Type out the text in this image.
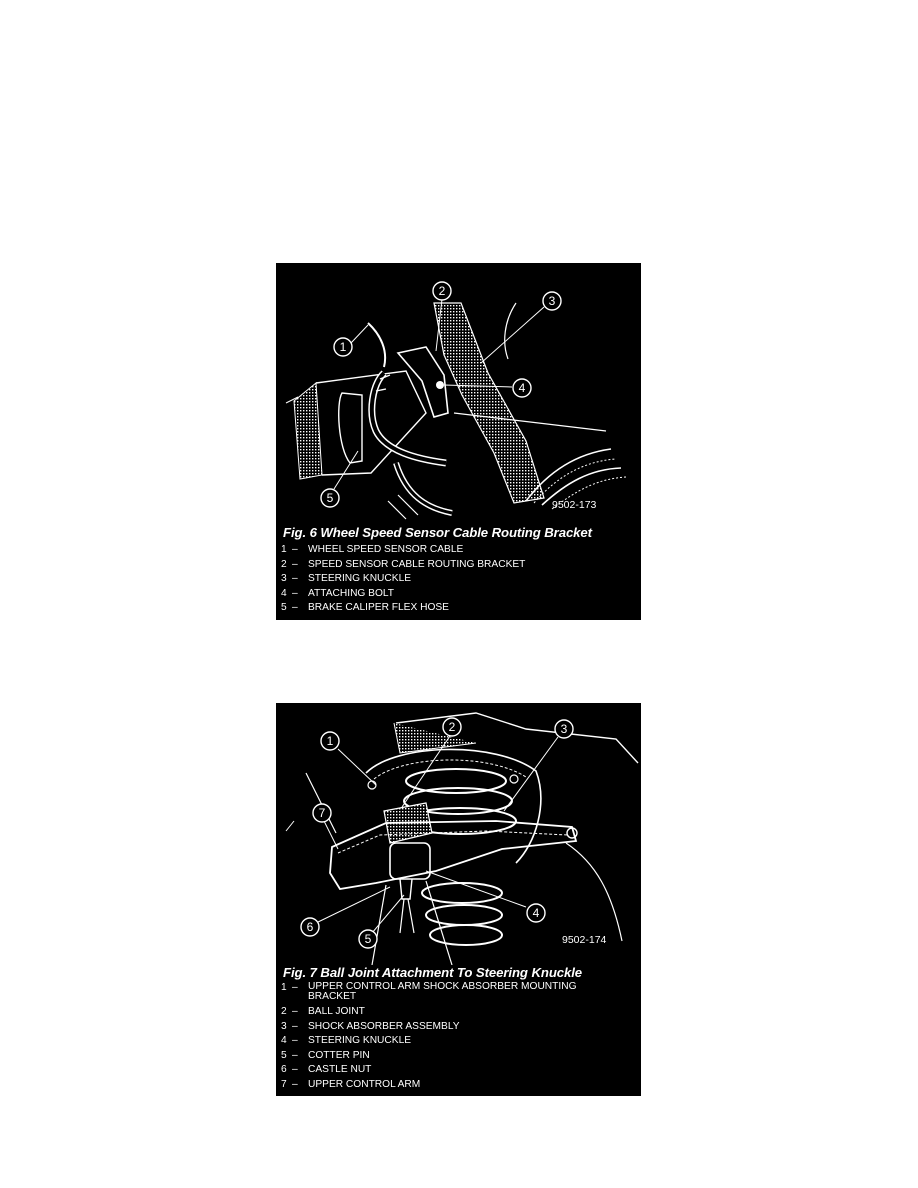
1
2
3
4
5	9502-173
Fig. 6 Wheel Speed Sensor Cable Routing Bracket
1 –	WHEEL SPEED SENSOR CABLE
2 –	SPEED SENSOR CABLE ROUTING BRACKET
3 –	STEERING KNUCKLE
4 –	ATTACHING BOLT
5 –	BRAKE CALIPER FLEX HOSE
1
2	3
4
5
6
7
9502-174
Fig. 7 Ball Joint Attachment To Steering Knuckle
1 –	UPPER CONTROL ARM SHOCK ABSORBER MOUNTING BRACKET
2 –	BALL JOINT
3 –	SHOCK ABSORBER ASSEMBLY
4 –	STEERING KNUCKLE
5 –	COTTER PIN
6 –	CASTLE NUT
7 –	UPPER CONTROL ARM
